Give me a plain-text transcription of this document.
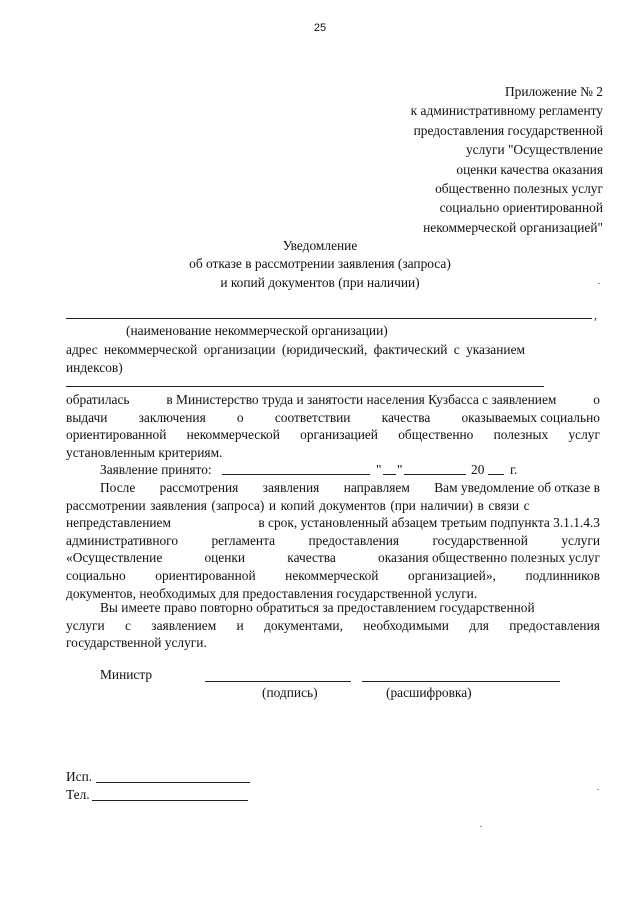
25
Приложение № 2
к административному регламенту
предоставления государственной
услуги "Осуществление
оценки качества оказания
общественно полезных услуг
социально ориентированной
некоммерческой организацией"
Уведомление
об отказе в рассмотрении заявления (запроса)
и копий документов (при наличии)
,
(наименование некоммерческой организации)
адрес некоммерческой организации (юридический, фактический с указанием
индексов)
обратилась	в Министерство труда и занятости населения Кузбасса с заявлением	о
выдачи заключения о соответствии качества оказываемых социально
ориентированной некоммерческой организацией общественно полезных услуг
установленным критериям.
Заявление принято:	" "	20 г.
После рассмотрения заявления направляем Вам уведомление об отказе в
рассмотрении заявления (запроса) и копий документов (при наличии) в связи с
непредставлением	в срок, установленный абзацем третьим подпункта 3.1.1.4.3
административного регламента предоставления государственной услуги
«Осуществление	оценки	качества	оказания общественно полезных услуг
социально ориентированной некоммерческой организацией», подлинников
документов, необходимых для предоставления государственной услуги.
Вы имеете право повторно обратиться за предоставлением государственной
услуги с заявлением и документами, необходимыми для предоставления
государственной услуги.
Министр
(подпись)	(расшифровка)
Исп.
Тел.
